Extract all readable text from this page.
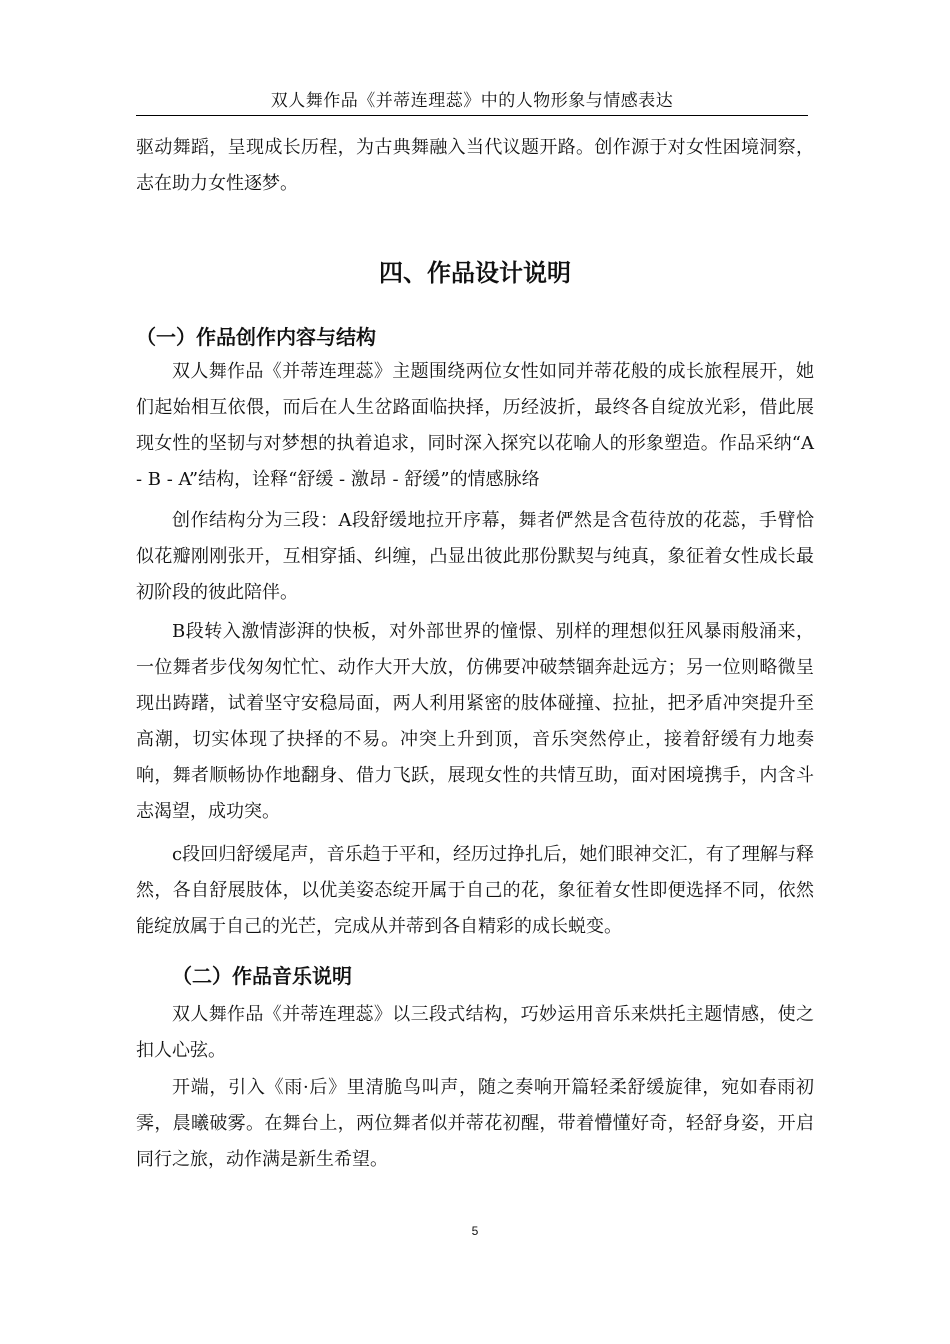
双人舞作品《并蒂连理蕊》中的人物形象与情感表达

驱动舞蹈，呈现成长历程，为古典舞融入当代议题开路。创作源于对女性困境洞察，志在助力女性逐梦。

四、作品设计说明
（一）作品创作内容与结构

双人舞作品《并蒂连理蕊》主题围绕两位女性如同并蒂花般的成长旅程展开，她们起始相互依偎，而后在人生岔路面临抉择，历经波折，最终各自绽放光彩，借此展现女性的坚韧与对梦想的执着追求，同时深入探究以花喻人的形象塑造。作品采纳“A - B - A”结构，诠释“舒缓 - 激昂 - 舒缓”的情感脉络

创作结构分为三段：A段舒缓地拉开序幕，舞者俨然是含苞待放的花蕊，手臂恰似花瓣刚刚张开，互相穿插、纠缠，凸显出彼此那份默契与纯真，象征着女性成长最初阶段的彼此陪伴。

B段转入激情澎湃的快板，对外部世界的憧憬、别样的理想似狂风暴雨般涌来，一位舞者步伐匆匆忙忙、动作大开大放，仿佛要冲破禁锢奔赴远方；另一位则略微呈现出踌躇，试着坚守安稳局面，两人利用紧密的肢体碰撞、拉扯，把矛盾冲突提升至高潮，切实体现了抉择的不易。冲突上升到顶，音乐突然停止，接着舒缓有力地奏响，舞者顺畅协作地翻身、借力飞跃，展现女性的共情互助，面对困境携手，内含斗志渴望，成功突。

c段回归舒缓尾声，音乐趋于平和，经历过挣扎后，她们眼神交汇，有了理解与释然，各自舒展肢体，以优美姿态绽开属于自己的花，象征着女性即便选择不同，依然能绽放属于自己的光芒，完成从并蒂到各自精彩的成长蜕变。

（二）作品音乐说明

双人舞作品《并蒂连理蕊》以三段式结构，巧妙运用音乐来烘托主题情感，使之扣人心弦。

开端，引入《雨·后》里清脆鸟叫声，随之奏响开篇轻柔舒缓旋律，宛如春雨初霁，晨曦破雾。在舞台上，两位舞者似并蒂花初醒，带着懵懂好奇，轻舒身姿，开启同行之旅，动作满是新生希望。

5
